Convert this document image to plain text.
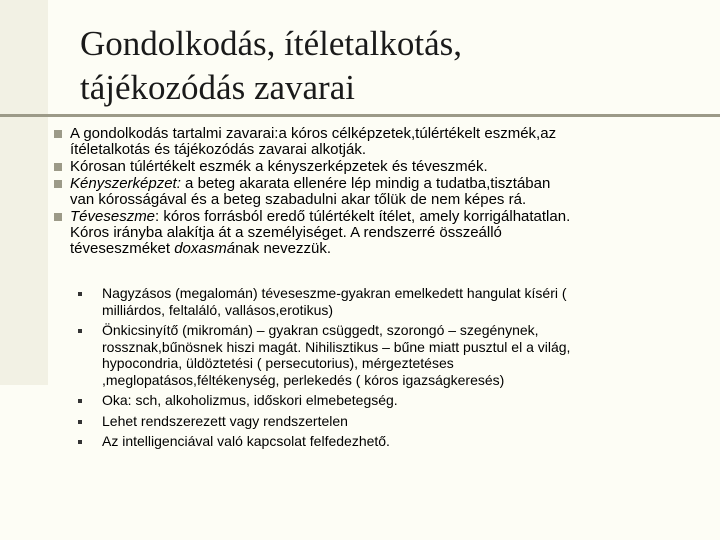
Gondolkodás, ítéletalkotás,
tájékozódás zavarai
A gondolkodás tartalmi zavarai:a kóros célképzetek,túlértékelt eszmék,az
ítéletalkotás és tájékozódás zavarai alkotják.
Kórosan túlértékelt eszmék a kényszerképzetek és téveszmék.
Kényszerképzet: a beteg akarata ellenére lép mindig a tudatba,tisztában
van kórosságával és a beteg szabadulni akar tőlük de nem képes rá.
Téveseszme: kóros forrásból eredő túlértékelt ítélet, amely korrigálhatatlan.
Kóros irányba alakítja át a személyiséget. A rendszerré összeálló
téveseszméket doxasmának nevezzük.
Nagyzásos (megalomán) téveseszme-gyakran emelkedett hangulat kíséri (
milliárdos, feltaláló, vallásos,erotikus)
Önkicsinyítő (mikromán) – gyakran csüggedt, szorongó – szegénynek,
rossznak,bűnösnek hiszi magát. Nihilisztikus – bűne miatt pusztul el a világ,
hypocondria, üldöztetési ( persecutorius), mérgeztetéses
,meglopatásos,féltékenység, perlekedés ( kóros igazságkeresés)
Oka: sch, alkoholizmus, időskori elmebetegség.
Lehet rendszerezett vagy rendszertelen
Az intelligenciával való kapcsolat felfedezhető.
